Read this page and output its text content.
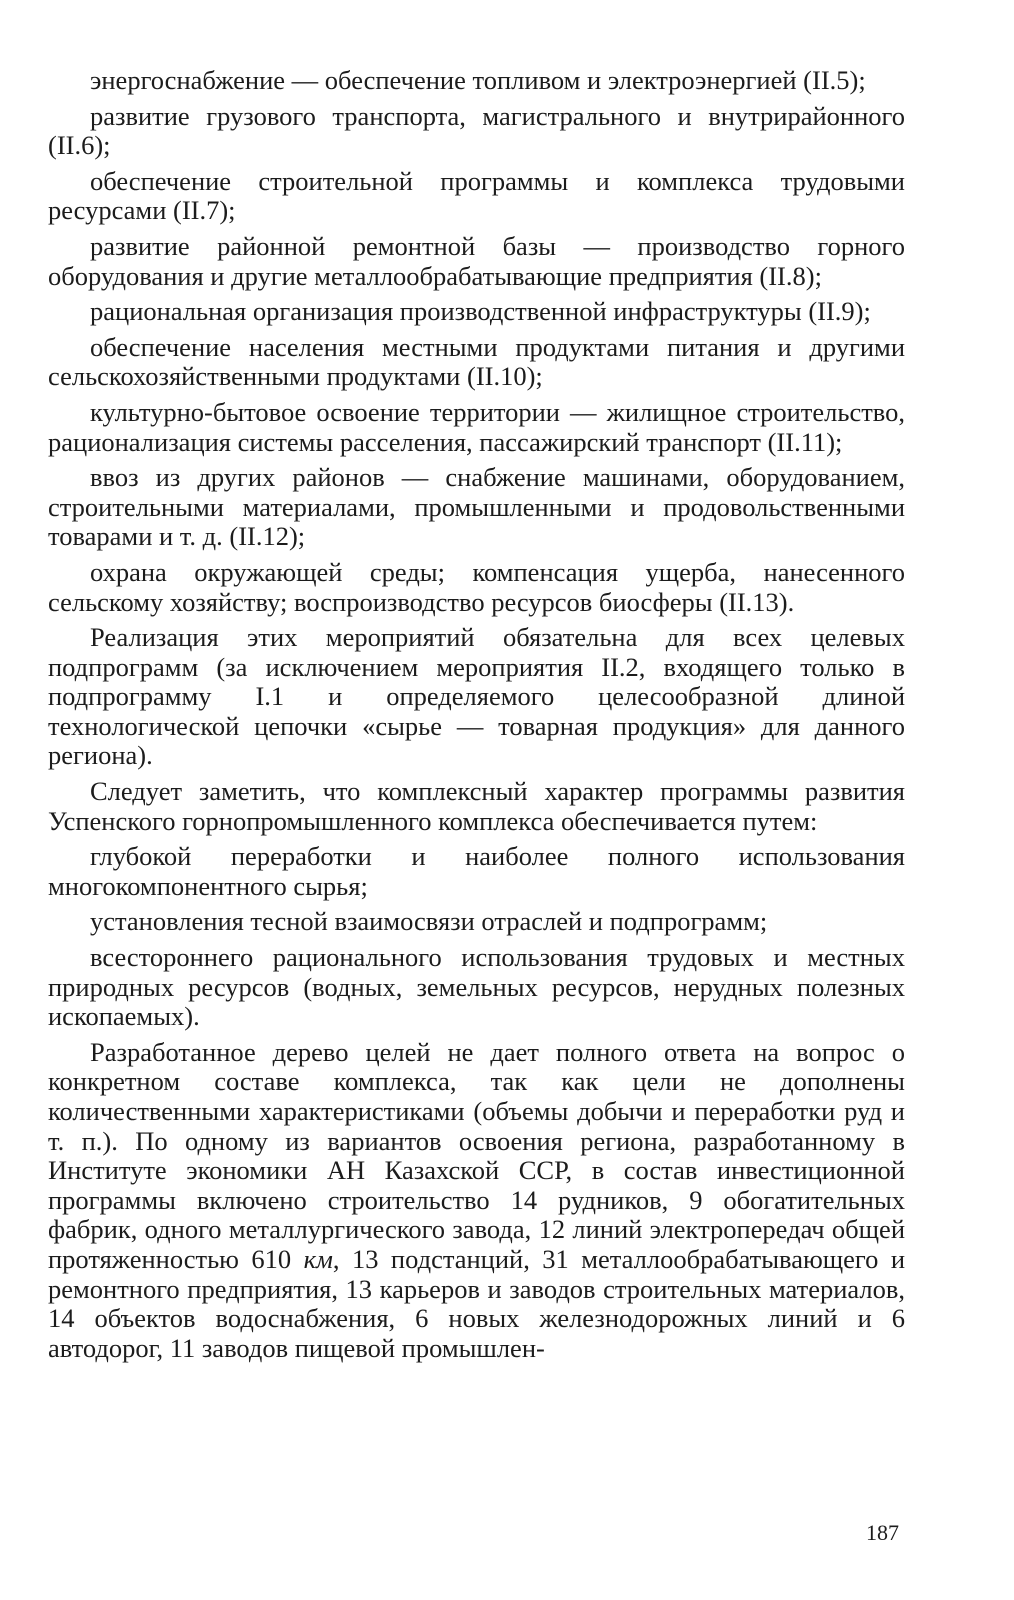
энергоснабжение — обеспечение топливом и электроэнергией (II.5);

развитие грузового транспорта, магистрального и внутрирайонного (II.6);

обеспечение строительной программы и комплекса трудовыми ресурсами (II.7);

развитие районной ремонтной базы — производство горного оборудования и другие металлообрабатывающие предприятия (II.8);

рациональная организация производственной инфраструктуры (II.9);

обеспечение населения местными продуктами питания и другими сельскохозяйственными продуктами (II.10);

культурно-бытовое освоение территории — жилищное строительство, рационализация системы расселения, пассажирский транспорт (II.11);

ввоз из других районов — снабжение машинами, оборудованием, строительными материалами, промышленными и продовольственными товарами и т. д. (II.12);

охрана окружающей среды; компенсация ущерба, нанесенного сельскому хозяйству; воспроизводство ресурсов биосферы (II.13).

Реализация этих мероприятий обязательна для всех целевых подпрограмм (за исключением мероприятия II.2, входящего только в подпрограмму I.1 и определяемого целесообразной длиной технологической цепочки «сырье — товарная продукция» для данного региона).

Следует заметить, что комплексный характер программы развития Успенского горнопромышленного комплекса обеспечивается путем:

глубокой переработки и наиболее полного использования многокомпонентного сырья;

установления тесной взаимосвязи отраслей и подпрограмм;

всестороннего рационального использования трудовых и местных природных ресурсов (водных, земельных ресурсов, нерудных полезных ископаемых).

Разработанное дерево целей не дает полного ответа на вопрос о конкретном составе комплекса, так как цели не дополнены количественными характеристиками (объемы добычи и переработки руд и т. п.). По одному из вариантов освоения региона, разработанному в Институте экономики АН Казахской ССР, в состав инвестиционной программы включено строительство 14 рудников, 9 обогатительных фабрик, одного металлургического завода, 12 линий электропередач общей протяженностью 610 км, 13 подстанций, 31 металлообрабатывающего и ремонтного предприятия, 13 карьеров и заводов строительных материалов, 14 объектов водоснабжения, 6 новых железнодорожных линий и 6 автодорог, 11 заводов пищевой промышлен-

187
